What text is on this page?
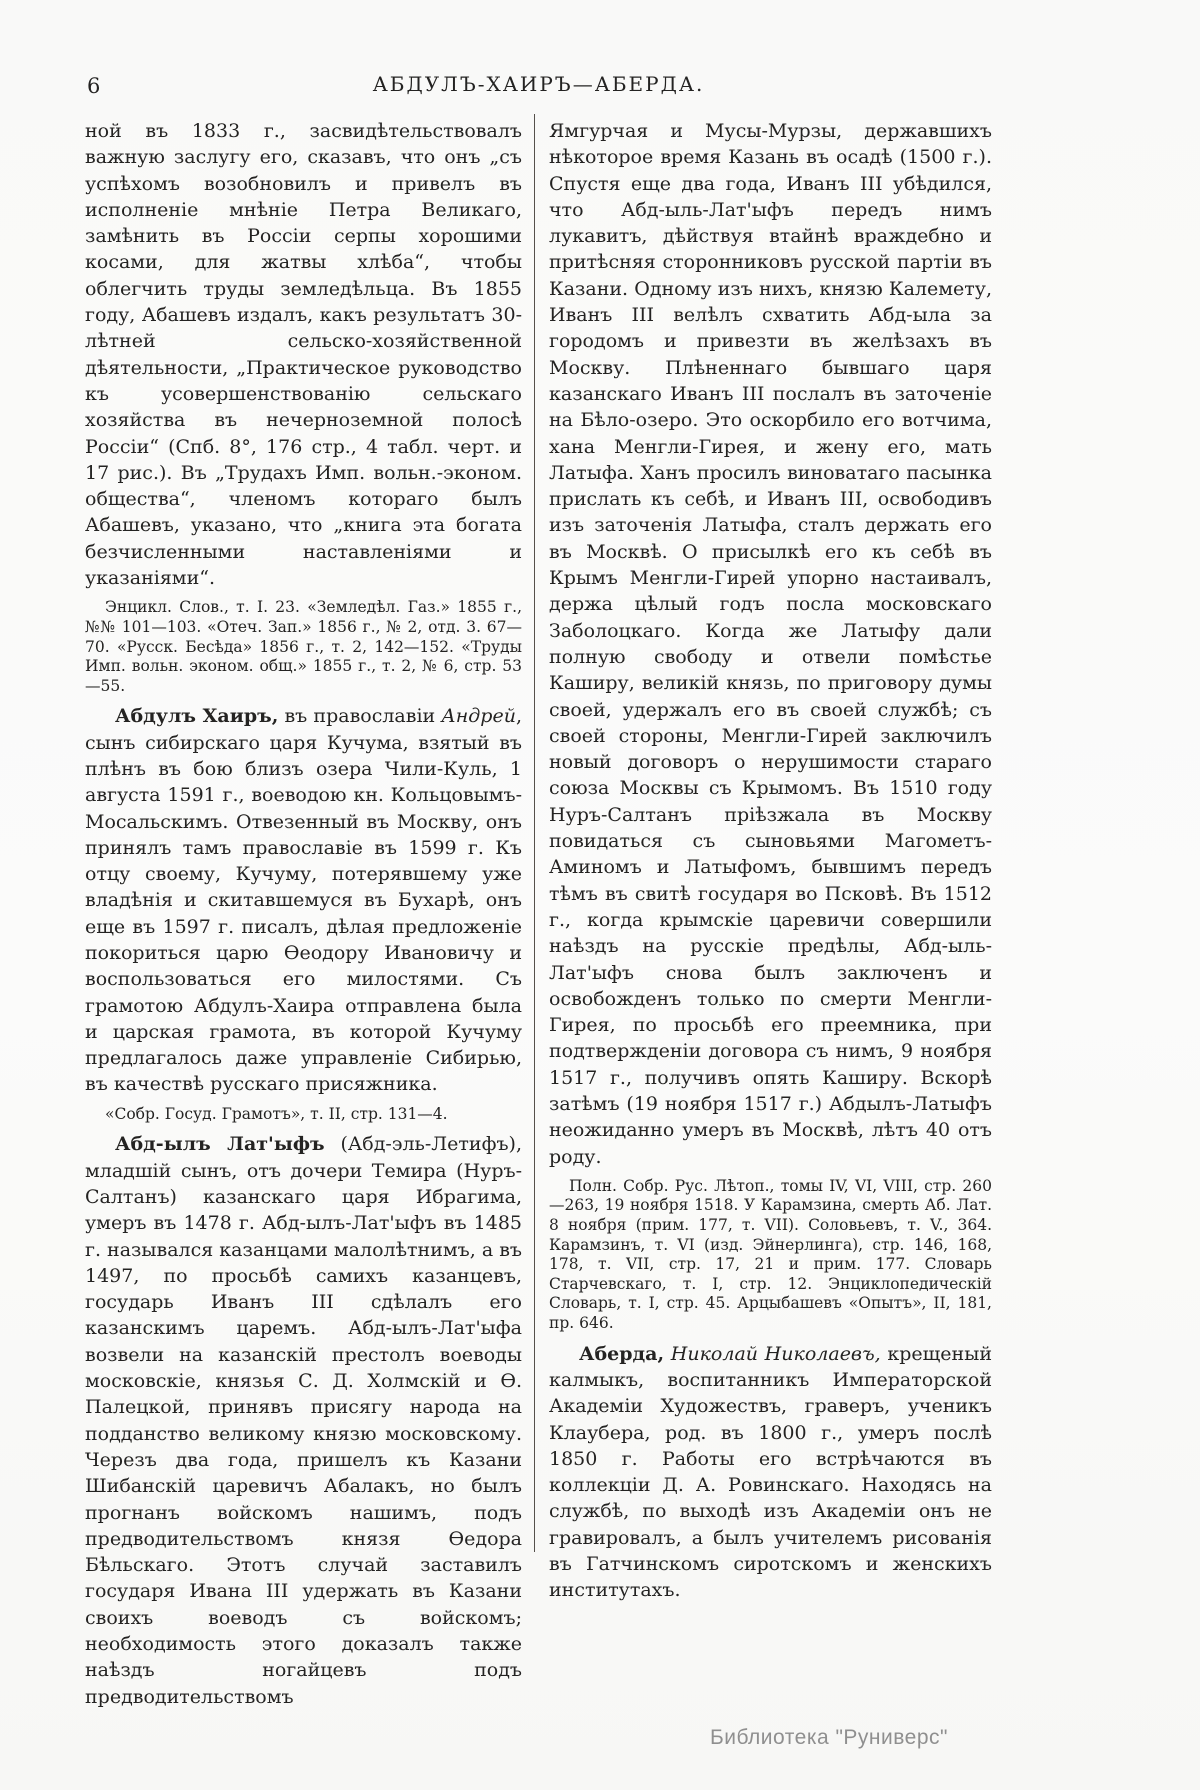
6	АБДУЛЪ-ХАИРЪ—АБЕРДА.

ной въ 1833 г., засвидѣтельствовалъ важную заслугу его, сказавъ, что онъ „съ успѣхомъ возобновилъ и привелъ въ исполненіе мнѣніе Петра Великаго, замѣнить въ Россіи серпы хорошими косами, для жатвы хлѣба“, чтобы облегчить труды земледѣльца. Въ 1855 году, Абашевъ издалъ, какъ результатъ 30-лѣтней сельско-хозяйственной дѣятельности, „Практическое руководство къ усовершенствованію сельскаго хозяйства въ нечерноземной полосѣ Россіи“ (Спб. 8°, 176 стр., 4 табл. черт. и 17 рис.). Въ „Трудахъ Имп. вольн.-эконом. общества“, членомъ котораго былъ Абашевъ, указано, что „книга эта богата безчисленными наставленіями и указаніями“.

Энцикл. Слов., т. I. 23. «Земледѣл. Газ.» 1855 г., №№ 101—103. «Отеч. Зап.» 1856 г., № 2, отд. 3. 67—70. «Русск. Бесѣда» 1856 г., т. 2, 142—152. «Труды Имп. вольн. эконом. общ.» 1855 г., т. 2, № 6, стр. 53—55.

Абдулъ Хаиръ, въ православіи Андрей, сынъ сибирскаго царя Кучума, взятый въ плѣнъ въ бою близъ озера Чили-Куль, 1 августа 1591 г., воеводою кн. Кольцовымъ-Мосальскимъ. Отвезенный въ Москву, онъ принялъ тамъ православіе въ 1599 г. Къ отцу своему, Кучуму, потерявшему уже владѣнія и скитавшемуся въ Бухарѣ, онъ еще въ 1597 г. писалъ, дѣлая предложеніе покориться царю Ѳеодору Ивановичу и воспользоваться его милостями. Съ грамотою Абдулъ-Хаира отправлена была и царская грамота, въ которой Кучуму предлагалось даже управленіе Сибирью, въ качествѣ русскаго присяжника.

«Собр. Госуд. Грамотъ», т. II, стр. 131—4.

Абд-ылъ Лат'ыфъ (Абд-эль-Летифъ), младшій сынъ, отъ дочери Темира (Нуръ-Салтанъ) казанскаго царя Ибрагима, умеръ въ 1478 г. Абд-ылъ-Лат'ыфъ въ 1485 г. назывался казанцами малолѣтнимъ, а въ 1497, по просьбѣ самихъ казанцевъ, государь Иванъ III сдѣлалъ его казанскимъ царемъ. Абд-ылъ-Лат'ыфа возвели на казанскій престолъ воеводы московскіе, князья С. Д. Холмскій и Ѳ. Палецкой, принявъ присягу народа на подданство великому князю московскому. Черезъ два года, пришелъ къ Казани Шибанскій царевичъ Абалакъ, но былъ прогнанъ войскомъ нашимъ, подъ предводительствомъ князя Ѳедора Бѣльскаго. Этотъ случай заставилъ государя Ивана III удержать въ Казани своихъ воеводъ съ войскомъ; необходимость этого доказалъ также наѣздъ ногайцевъ подъ предводительствомъ

Ямгурчая и Мусы-Мурзы, державшихъ нѣкоторое время Казань въ осадѣ (1500 г.). Спустя еще два года, Иванъ III убѣдился, что Абд-ыль-Лат'ыфъ передъ нимъ лукавитъ, дѣйствуя втайнѣ враждебно и притѣсняя сторонниковъ русской партіи въ Казани. Одному изъ нихъ, князю Калемету, Иванъ III велѣлъ схватить Абд-ыла за городомъ и привезти въ желѣзахъ въ Москву. Плѣненнаго бывшаго царя казанскаго Иванъ III послалъ въ заточеніе на Бѣло-озеро. Это оскорбило его вотчима, хана Менгли-Гирея, и жену его, мать Латыфа. Ханъ просилъ виноватаго пасынка прислать къ себѣ, и Иванъ III, освободивъ изъ заточенія Латыфа, сталъ держать его въ Москвѣ. О присылкѣ его къ себѣ въ Крымъ Менгли-Гирей упорно настаивалъ, держа цѣлый годъ посла московскаго Заболоцкаго. Когда же Латыфу дали полную свободу и отвели помѣстье Каширу, великій князь, по приговору думы своей, удержалъ его въ своей службѣ; съ своей стороны, Менгли-Гирей заключилъ новый договоръ о нерушимости стараго союза Москвы съ Крымомъ. Въ 1510 году Нуръ-Салтанъ пріѣзжала въ Москву повидаться съ сыновьями Магометъ-Аминомъ и Латыфомъ, бывшимъ передъ тѣмъ въ свитѣ государя во Псковѣ. Въ 1512 г., когда крымскіе царевичи совершили наѣздъ на русскіе предѣлы, Абд-ыль-Лат'ыфъ снова былъ заключенъ и освобожденъ только по смерти Менгли-Гирея, по просьбѣ его преемника, при подтвержденіи договора съ нимъ, 9 ноября 1517 г., получивъ опять Каширу. Вскорѣ затѣмъ (19 ноября 1517 г.) Абдылъ-Латыфъ неожиданно умеръ въ Москвѣ, лѣтъ 40 отъ роду.

Полн. Собр. Рус. Лѣтоп., томы IV, VI, VIII, стр. 260—263, 19 ноября 1518. У Карамзина, смерть Аб. Лат. 8 ноября (прим. 177, т. VII). Соловьевъ, т. V., 364. Карамзинъ, т. VI (изд. Эйнерлинга), стр. 146, 168, 178, т. VII, стр. 17, 21 и прим. 177. Словарь Старчевскаго, т. I, стр. 12. Энциклопедическій Словарь, т. I, стр. 45. Арцыбашевъ «Опытъ», II, 181, пр. 646.

Аберда, Николай Николаевъ, крещеный калмыкъ, воспитанникъ Императорской Академіи Художествъ, граверъ, ученикъ Клаубера, род. въ 1800 г., умеръ послѣ 1850 г. Работы его встрѣчаются въ коллекціи Д. А. Ровинскаго. Находясь на службѣ, по выходѣ изъ Академіи онъ не гравировалъ, а былъ учителемъ рисованія въ Гатчинскомъ сиротскомъ и женскихъ институтахъ.

Библиотека "Руниверс"
